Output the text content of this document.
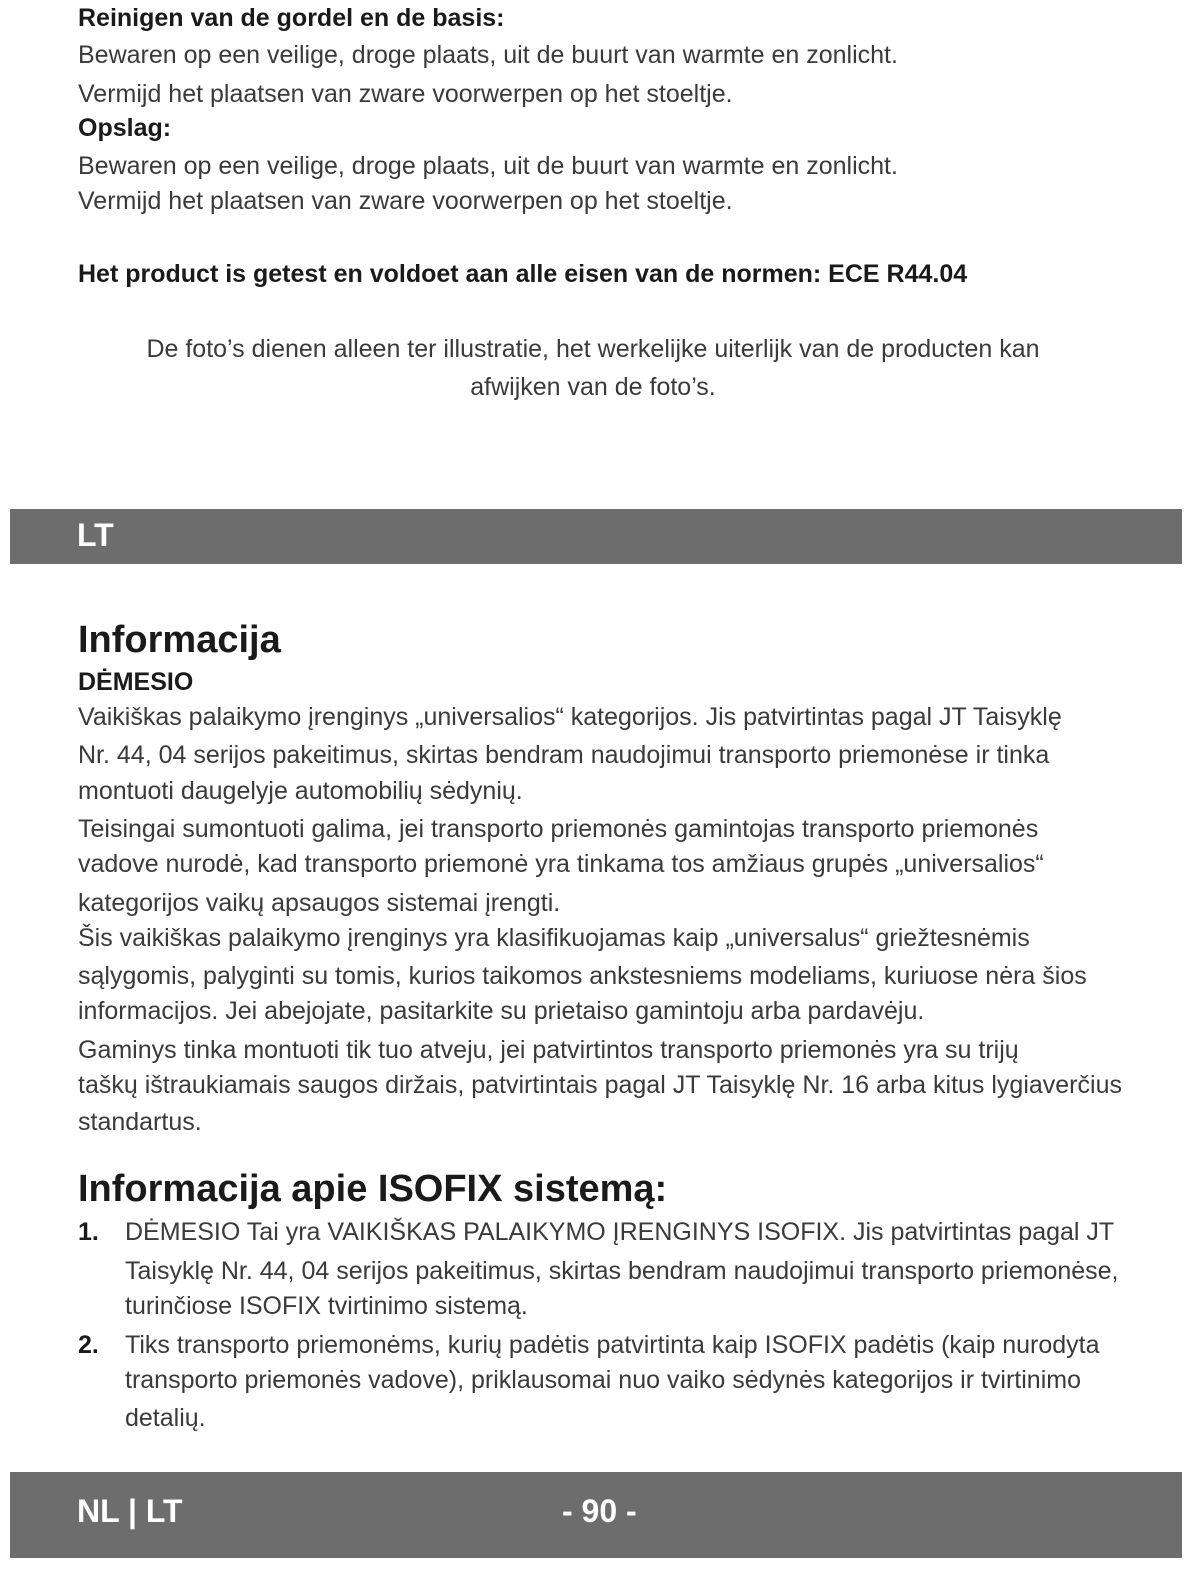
Reinigen van de gordel en de basis:
Bewaren op een veilige, droge plaats, uit de buurt van warmte en zonlicht.
Vermijd het plaatsen van zware voorwerpen op het stoeltje.
Opslag:
Bewaren op een veilige, droge plaats, uit de buurt van warmte en zonlicht.
Vermijd het plaatsen van zware voorwerpen op het stoeltje.
Het product is getest en voldoet aan alle eisen van de normen: ECE R44.04
De foto’s dienen alleen ter illustratie, het werkelijke uiterlijk van de producten kan
afwijken van de foto’s.
LT
Informacija
DĖMESIO
Vaikiškas palaikymo įrenginys „universalios“ kategorijos. Jis patvirtintas pagal JT Taisyklę
Nr. 44, 04 serijos pakeitimus, skirtas bendram naudojimui transporto priemonėse ir tinka
montuoti daugelyje automobilių sėdynių.
Teisingai sumontuoti galima, jei transporto priemonės gamintojas transporto priemonės
vadove nurodė, kad transporto priemonė yra tinkama tos amžiaus grupės „universalios“
kategorijos vaikų apsaugos sistemai įrengti.
Šis vaikiškas palaikymo įrenginys yra klasifikuojamas kaip „universalus“ griežtesnėmis
sąlygomis, palyginti su tomis, kurios taikomos ankstesniems modeliams, kuriuose nėra šios
informacijos. Jei abejojate, pasitarkite su prietaiso gamintoju arba pardavėju.
Gaminys tinka montuoti tik tuo atveju, jei patvirtintos transporto priemonės yra su trijų
taškų ištraukiamais saugos diržais, patvirtintais pagal JT Taisyklę Nr. 16 arba kitus lygiaverčius
standartus.
Informacija apie ISOFIX sistemą:
1. DĖMESIO Tai yra VAIKIŠKAS PALAIKYMO ĮRENGINYS ISOFIX. Jis patvirtintas pagal JT
Taisyklę Nr. 44, 04 serijos pakeitimus, skirtas bendram naudojimui transporto priemonėse,
turinčiose ISOFIX tvirtinimo sistemą.
2. Tiks transporto priemonėms, kurių padėtis patvirtinta kaip ISOFIX padėtis (kaip nurodyta
transporto priemonės vadove), priklausomai nuo vaiko sėdynės kategorijos ir tvirtinimo
detalių.
NL | LT	- 90 -
